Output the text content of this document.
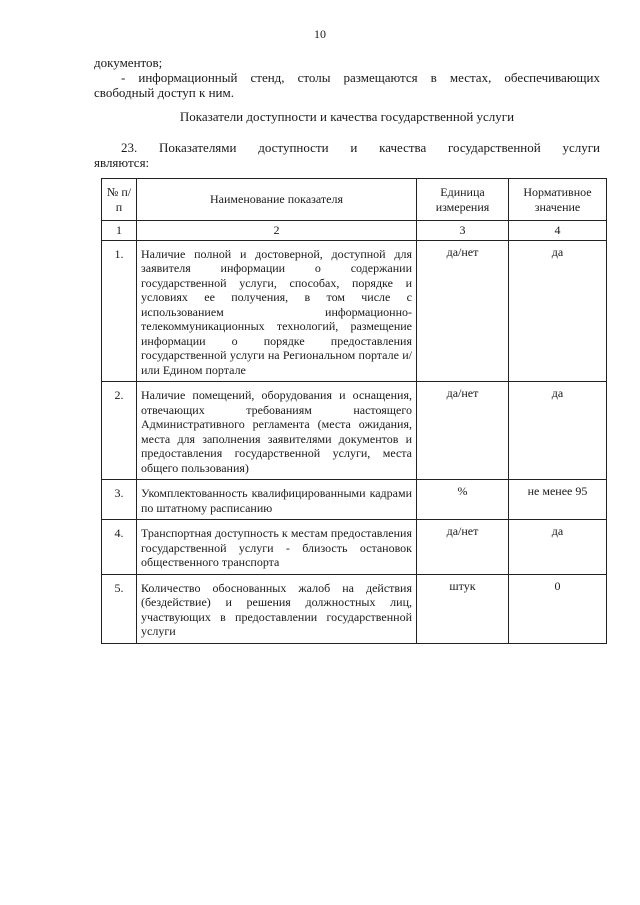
10
документов;
- информационный стенд, столы размещаются в местах, обеспечивающих
свободный доступ к ним.
Показатели доступности и качества государственной услуги
23. Показателями доступности и качества государственной услуги
являются:
№ п/п	Наименование показателя	Единица измерения	Нормативное значение
1	2	3	4
1.	Наличие полной и достоверной, доступной для заявителя информации о содержании государственной услуги, способах, порядке и условиях ее получения, в том числе с использованием информационно-телекоммуникационных технологий, размещение информации о порядке предоставления государственной услуги на Региональном портале и/или Едином портале	да/нет	да
2.	Наличие помещений, оборудования и оснащения, отвечающих требованиям настоящего Административного регламента (места ожидания, места для заполнения заявителями документов и предоставления государственной услуги, места общего пользования)	да/нет	да
3.	Укомплектованность квалифицированными кадрами по штатному расписанию	%	не менее 95
4.	Транспортная доступность к местам предоставления государственной услуги - близость остановок общественного транспорта	да/нет	да
5.	Количество обоснованных жалоб на действия (бездействие) и решения должностных лиц, участвующих в предоставлении государственной услуги	штук	0
